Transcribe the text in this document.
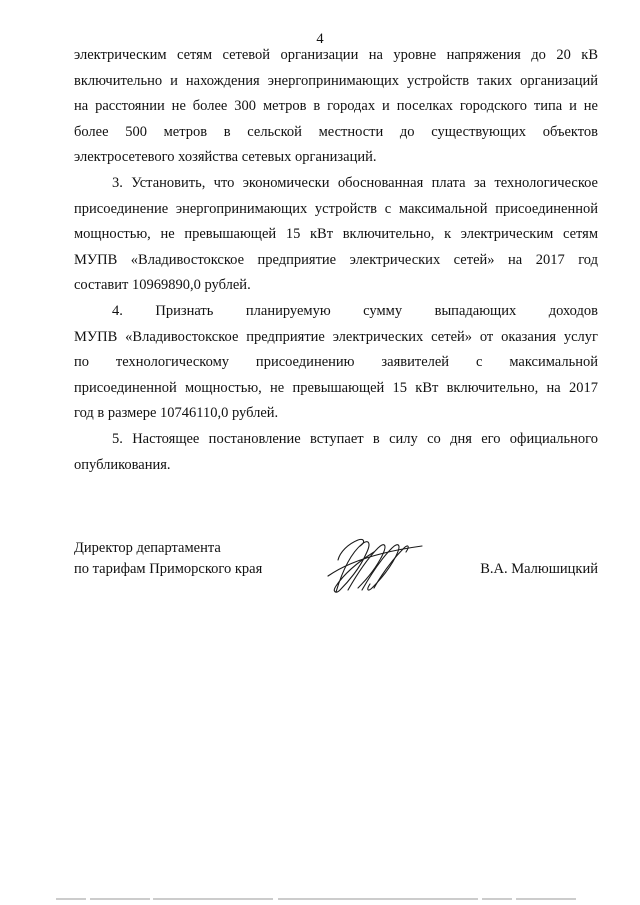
4
электрическим сетям сетевой организации на уровне напряжения до 20 кВ
включительно и нахождения энергопринимающих устройств таких организаций
на расстоянии не более 300 метров в городах и поселках городского типа и не
более 500 метров в сельской местности до существующих объектов
электросетевого хозяйства сетевых организаций.
3. Установить, что экономически обоснованная плата за технологическое
присоединение энергопринимающих устройств с максимальной присоединенной
мощностью, не превышающей 15 кВт включительно, к электрическим сетям
МУПВ «Владивостокское предприятие электрических сетей» на 2017 год
составит 10969890,0 рублей.
4. Признать планируемую сумму выпадающих доходов
МУПВ «Владивостокское предприятие электрических сетей» от оказания услуг
по технологическому присоединению заявителей с максимальной
присоединенной мощностью, не превышающей 15 кВт включительно, на 2017
год в размере 10746110,0 рублей.
5. Настоящее постановление вступает в силу со дня его официального
опубликования.
Директор департамента
по тарифам Приморского края	В.А. Малюшицкий
